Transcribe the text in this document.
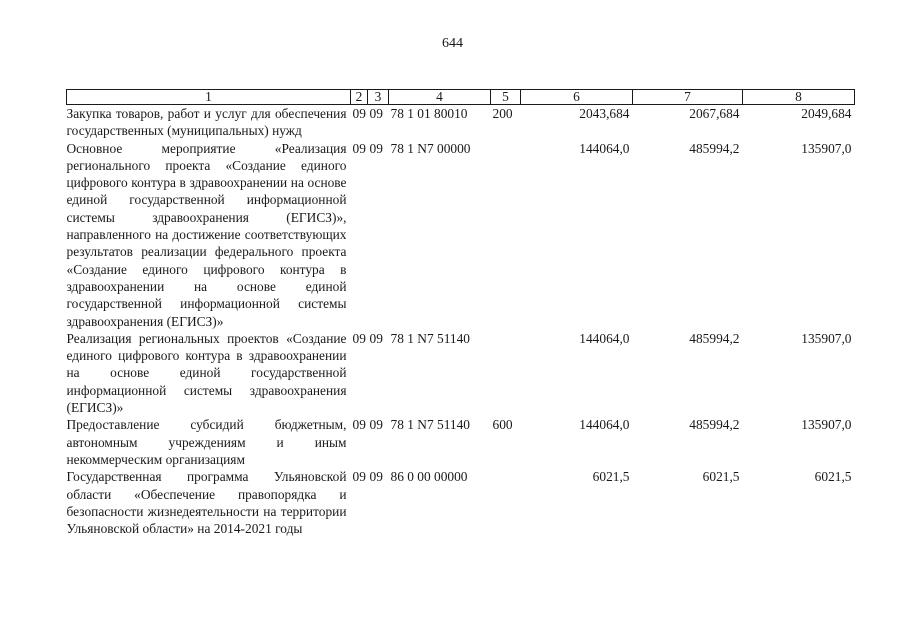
644
1	2	3	4	5	6	7	8
Закупка товаров, работ и услуг для обеспечения государственных (муниципальных) нужд	09	09	78 1 01 80010	200	2043,684	2067,684	2049,684
Основное мероприятие «Реализация регионального проекта «Создание единого цифрового контура в здравоохранении на основе единой государственной информационной системы здравоохранения (ЕГИСЗ)», направленного на достижение соответствующих результатов реализации федерального проекта «Создание единого цифрового контура в здравоохранении на основе единой государственной информационной системы здравоохранения (ЕГИСЗ)»	09	09	78 1 N7 00000		144064,0	485994,2	135907,0
Реализация региональных проектов «Создание единого цифрового контура в здравоохранении на основе единой государственной информационной системы здравоохранения (ЕГИСЗ)»	09	09	78 1 N7 51140		144064,0	485994,2	135907,0
Предоставление субсидий бюджетным, автономным учреждениям и иным некоммерческим организациям	09	09	78 1 N7 51140	600	144064,0	485994,2	135907,0
Государственная программа Ульяновской области «Обеспечение правопорядка и безопасности жизнедеятельности на территории Ульяновской области» на 2014-2021 годы	09	09	86 0 00 00000		6021,5	6021,5	6021,5
